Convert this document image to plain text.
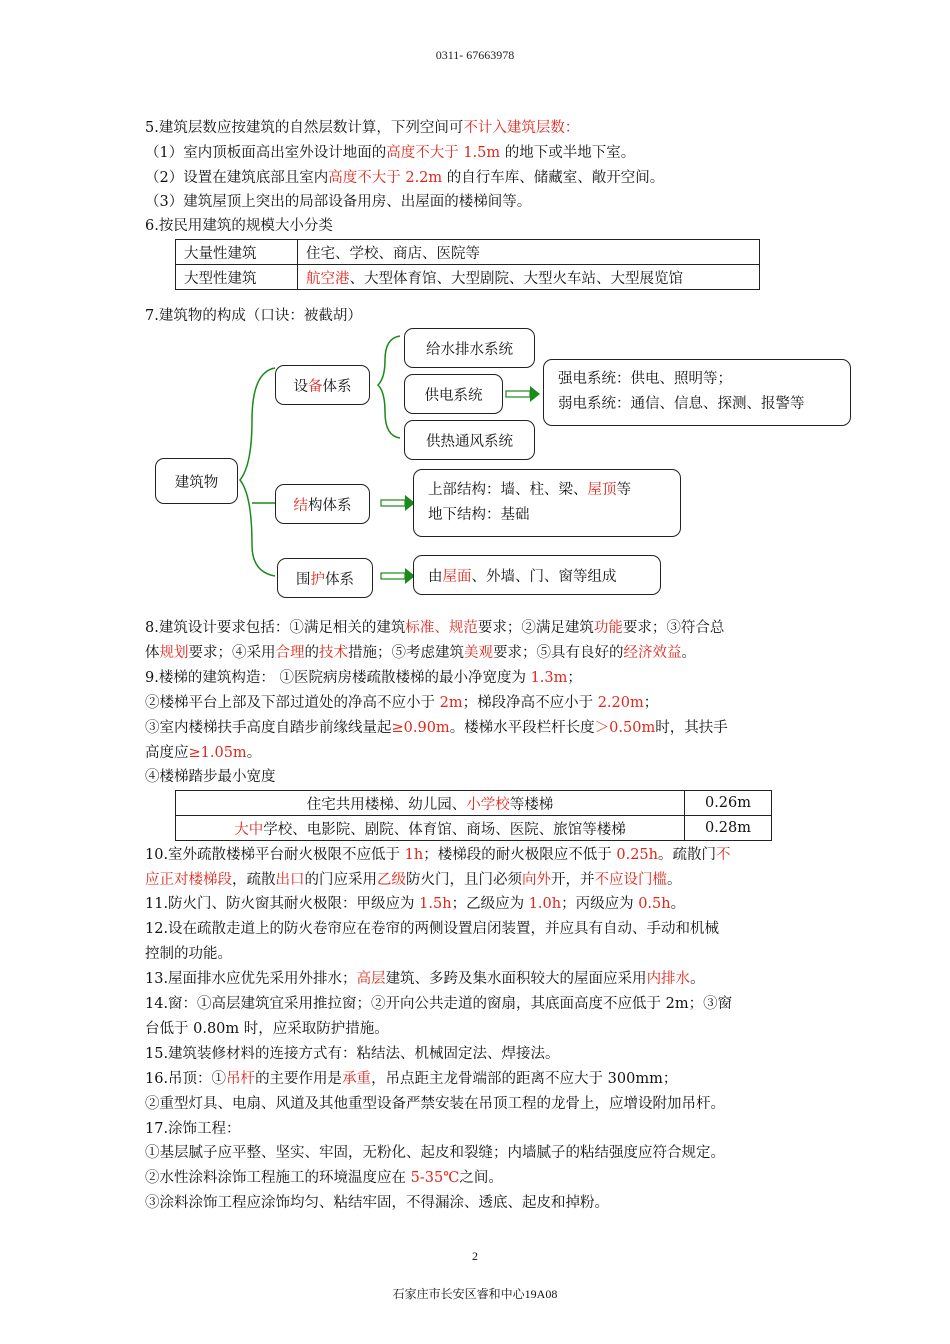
0311- 67663978
5.建筑层数应按建筑的自然层数计算，下列空间可不计入建筑层数：
（1）室内顶板面高出室外设计地面的高度不大于 1.5m 的地下或半地下室。
（2）设置在建筑底部且室内高度不大于 2.2m 的自行车库、储藏室、敞开空间。
（3）建筑屋顶上突出的局部设备用房、出屋面的楼梯间等。
6.按民用建筑的规模大小分类
大量性建筑	住宅、学校、商店、医院等
大型性建筑	航空港、大型体育馆、大型剧院、大型火车站、大型展览馆
7.建筑物的构成（口诀：被截胡）
建筑物
设 备 体系
结 构体系
围 护 体系
给水排水系统
供电系统
供热通风系统
强电系统：供电、照明等；
弱电系统：通信、信息、探测、报警等
上部结构：墙、柱、梁、屋顶等
地下结构：基础
由 屋面 、外墙、门、窗等组成
8.建筑设计要求包括：①满足相关的建筑标准、规范要求；②满足建筑功能要求；③符合总
体规划要求；④采用合理的技术措施；⑤考虑建筑美观要求；⑤具有良好的经济效益。
9.楼梯的建筑构造： ①医院病房楼疏散楼梯的最小净宽度为 1.3m；
②楼梯平台上部及下部过道处的净高不应小于 2m；梯段净高不应小于 2.20m；
③室内楼梯扶手高度自踏步前缘线量起≥0.90m。楼梯水平段栏杆长度＞0.50m时，其扶手
高度应≥1.05m。
④楼梯踏步最小宽度
住宅共用楼梯、幼儿园、小学校等楼梯	0.26m
大中学校、电影院、剧院、体育馆、商场、医院、旅馆等楼梯	0.28m
10.室外疏散楼梯平台耐火极限不应低于 1h；楼梯段的耐火极限应不低于 0.25h。疏散门不
应正对楼梯段，疏散出口的门应采用乙级防火门，且门必须向外开，并不应设门槛。
11.防火门、防火窗其耐火极限：甲级应为 1.5h；乙级应为 1.0h；丙级应为 0.5h。
12.设在疏散走道上的防火卷帘应在卷帘的两侧设置启闭装置，并应具有自动、手动和机械
控制的功能。
13.屋面排水应优先采用外排水；高层建筑、多跨及集水面积较大的屋面应采用内排水。
14.窗：①高层建筑宜采用推拉窗；②开向公共走道的窗扇，其底面高度不应低于 2m；③窗
台低于 0.80m 时，应采取防护措施。
15.建筑装修材料的连接方式有：粘结法、机械固定法、焊接法。
16.吊顶：①吊杆的主要作用是承重，吊点距主龙骨端部的距离不应大于 300mm；
②重型灯具、电扇、风道及其他重型设备严禁安装在吊顶工程的龙骨上，应增设附加吊杆。
17.涂饰工程：
①基层腻子应平整、坚实、牢固，无粉化、起皮和裂缝；内墙腻子的粘结强度应符合规定。
②水性涂料涂饰工程施工的环境温度应在 5-35℃之间。
③涂料涂饰工程应涂饰均匀、粘结牢固，不得漏涂、透底、起皮和掉粉。
2
石家庄市长安区睿和中心19A08
